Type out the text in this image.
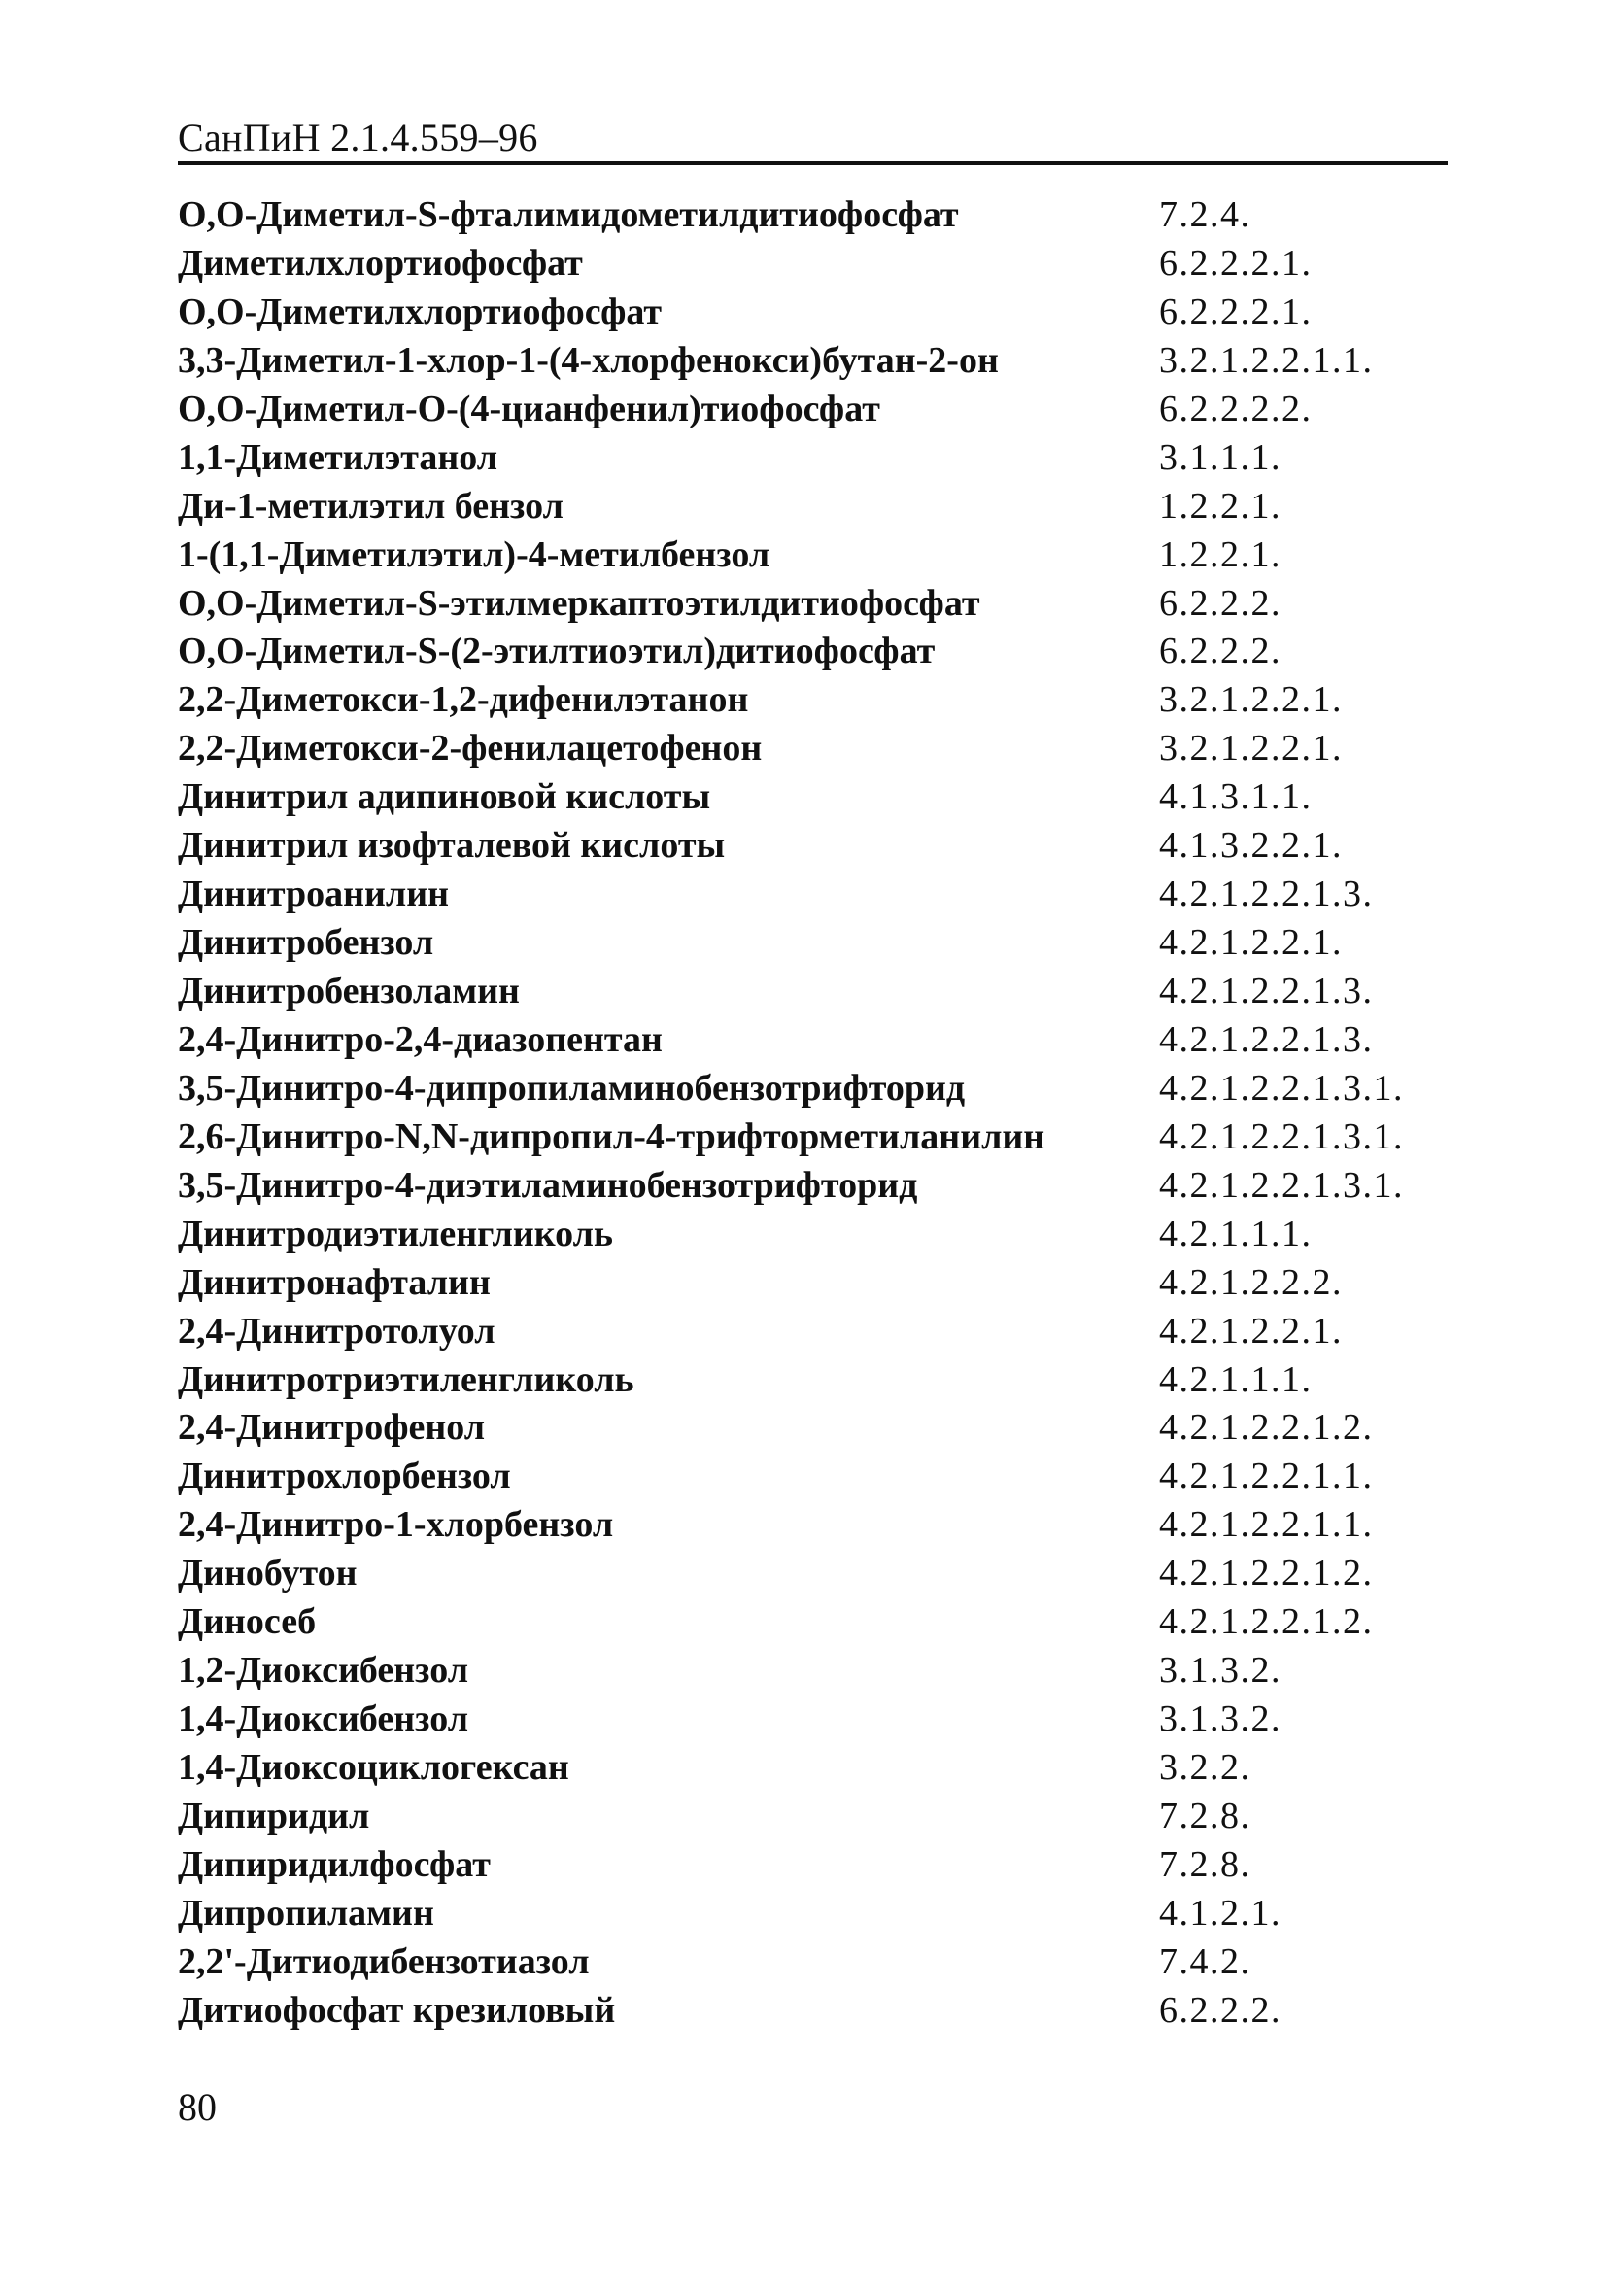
СанПиН 2.1.4.559–96
О,О-Диметил-S-фталимидометилдитиофосфат	7.2.4.
Диметилхлортиофосфат	6.2.2.2.1.
О,О-Диметилхлортиофосфат	6.2.2.2.1.
3,3-Диметил-1-хлор-1-(4-хлорфенокси)бутан-2-он	3.2.1.2.2.1.1.
О,О-Диметил-О-(4-цианфенил)тиофосфат	6.2.2.2.2.
1,1-Диметилэтанол	3.1.1.1.
Ди-1-метилэтил бензол	1.2.2.1.
1-(1,1-Диметилэтил)-4-метилбензол	1.2.2.1.
О,О-Диметил-S-этилмеркаптоэтилдитиофосфат	6.2.2.2.
О,О-Диметил-S-(2-этилтиоэтил)дитиофосфат	6.2.2.2.
2,2-Диметокси-1,2-дифенилэтанон	3.2.1.2.2.1.
2,2-Диметокси-2-фенилацетофенон	3.2.1.2.2.1.
Динитрил адипиновой кислоты	4.1.3.1.1.
Динитрил изофталевой кислоты	4.1.3.2.2.1.
Динитроанилин	4.2.1.2.2.1.3.
Динитробензол	4.2.1.2.2.1.
Динитробензоламин	4.2.1.2.2.1.3.
2,4-Динитро-2,4-диазопентан	4.2.1.2.2.1.3.
3,5-Динитро-4-дипропиламинобензотрифторид	4.2.1.2.2.1.3.1.
2,6-Динитро-N,N-дипропил-4-трифторметиланилин	4.2.1.2.2.1.3.1.
3,5-Динитро-4-диэтиламинобензотрифторид	4.2.1.2.2.1.3.1.
Динитродиэтиленгликоль	4.2.1.1.1.
Динитронафталин	4.2.1.2.2.2.
2,4-Динитротолуол	4.2.1.2.2.1.
Динитротриэтиленгликоль	4.2.1.1.1.
2,4-Динитрофенол	4.2.1.2.2.1.2.
Динитрохлорбензол	4.2.1.2.2.1.1.
2,4-Динитро-1-хлорбензол	4.2.1.2.2.1.1.
Динобутон	4.2.1.2.2.1.2.
Диносеб	4.2.1.2.2.1.2.
1,2-Диоксибензол	3.1.3.2.
1,4-Диоксибензол	3.1.3.2.
1,4-Диоксоциклогексан	3.2.2.
Дипиридил	7.2.8.
Дипиридилфосфат	7.2.8.
Дипропиламин	4.1.2.1.
2,2'-Дитиодибензотиазол	7.4.2.
Дитиофосфат крезиловый	6.2.2.2.
80
